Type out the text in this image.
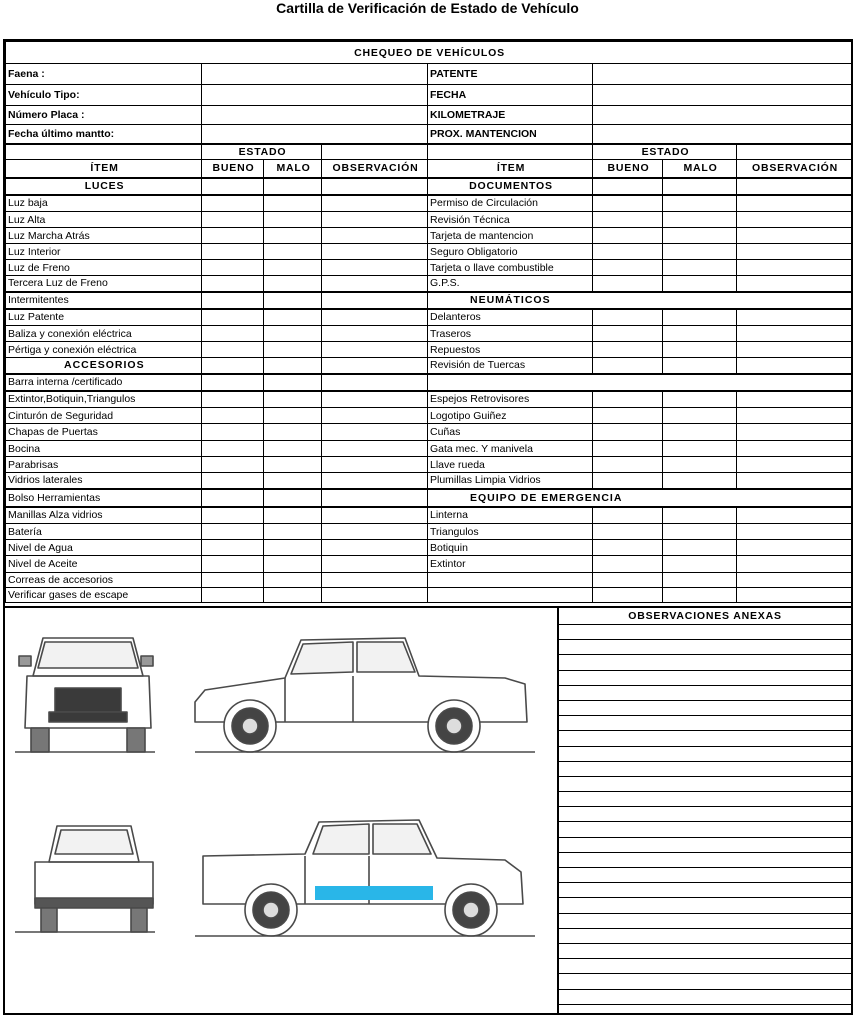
Cartilla de Verificación de Estado de Vehículo
CHEQUEO DE VEHÍCULOS							
Faena :				PATENTE			
Vehículo Tipo:				FECHA			
Número Placa :				KILOMETRAJE			
Fecha último mantto:				PROX. MANTENCION			
	ESTADO				ESTADO		
ÍTEM	BUENO	MALO	OBSERVACIÓN	ÍTEM	BUENO	MALO	OBSERVACIÓN
LUCES				DOCUMENTOS			
Luz baja				Permiso de Circulación			
Luz Alta				Revisión Técnica			
Luz Marcha Atrás				Tarjeta de mantencion			
Luz Interior				Seguro Obligatorio			
Luz de Freno				Tarjeta o llave combustible			
Tercera Luz de Freno				G.P.S.			
Intermitentes				NEUMÁTICOS			
Luz Patente				Delanteros			
Baliza y conexión eléctrica				Traseros			
Pértiga y conexión eléctrica				Repuestos			
ACCESORIOS				Revisión de Tuercas			
Barra interna /certificado							
Extintor,Botiquin,Triangulos				Espejos Retrovisores			
Cinturón de Seguridad				Logotipo Guiñez			
Chapas de Puertas				Cuñas			
Bocina				Gata mec. Y manivela			
Parabrisas				Llave rueda			
Vidrios laterales				Plumillas Limpia Vidrios			
Bolso Herramientas				EQUIPO DE EMERGENCIA			
Manillas Alza vidrios				Linterna			
Batería				Triangulos			
Nivel de Agua				Botiquin			
Nivel de Aceite				Extintor			
Correas de accesorios							
Verificar gases de escape							
OBSERVACIONES ANEXAS
